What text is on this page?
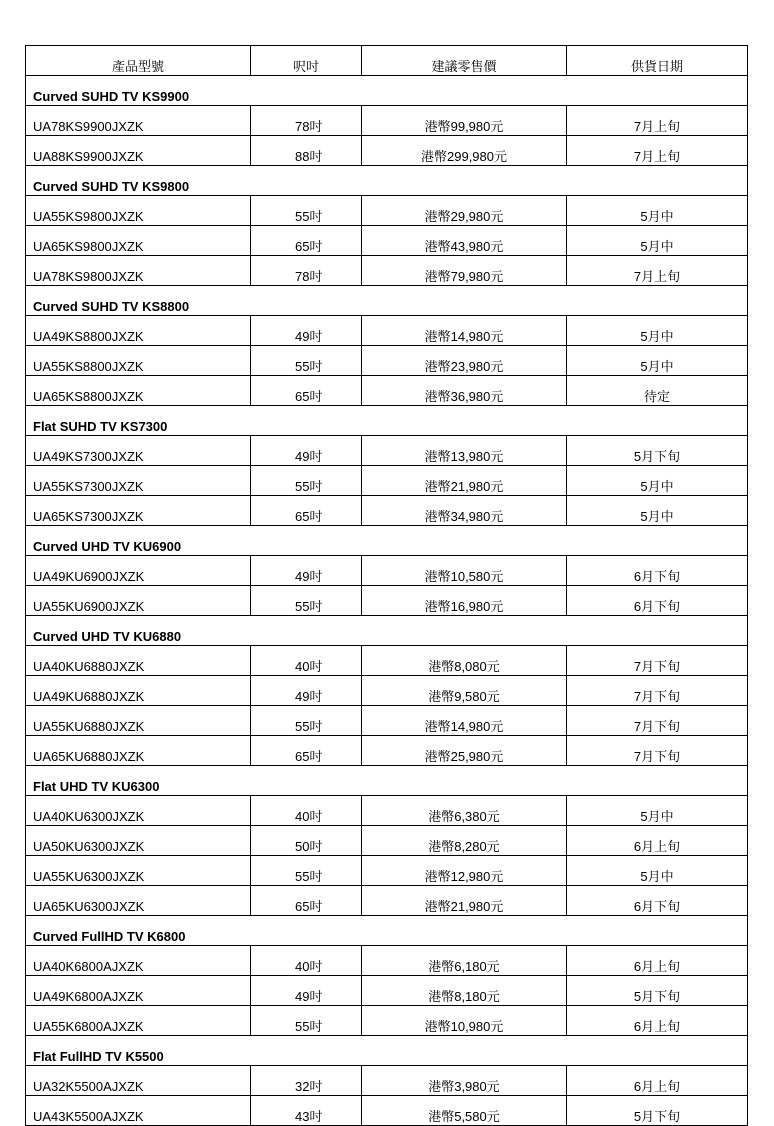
產品型號	呎吋	建議零售價	供貨日期
Curved SUHD TV KS9900			
UA78KS9900JXZK	78吋	港幣99,980元	7月上旬
UA88KS9900JXZK	88吋	港幣299,980元	7月上旬
Curved SUHD TV KS9800			
UA55KS9800JXZK	55吋	港幣29,980元	5月中
UA65KS9800JXZK	65吋	港幣43,980元	5月中
UA78KS9800JXZK	78吋	港幣79,980元	7月上旬
Curved SUHD TV KS8800			
UA49KS8800JXZK	49吋	港幣14,980元	5月中
UA55KS8800JXZK	55吋	港幣23,980元	5月中
UA65KS8800JXZK	65吋	港幣36,980元	待定
Flat SUHD TV KS7300			
UA49KS7300JXZK	49吋	港幣13,980元	5月下旬
UA55KS7300JXZK	55吋	港幣21,980元	5月中
UA65KS7300JXZK	65吋	港幣34,980元	5月中
Curved UHD TV KU6900			
UA49KU6900JXZK	49吋	港幣10,580元	6月下旬
UA55KU6900JXZK	55吋	港幣16,980元	6月下旬
Curved UHD TV KU6880			
UA40KU6880JXZK	40吋	港幣8,080元	7月下旬
UA49KU6880JXZK	49吋	港幣9,580元	7月下旬
UA55KU6880JXZK	55吋	港幣14,980元	7月下旬
UA65KU6880JXZK	65吋	港幣25,980元	7月下旬
Flat UHD TV KU6300			
UA40KU6300JXZK	40吋	港幣6,380元	5月中
UA50KU6300JXZK	50吋	港幣8,280元	6月上旬
UA55KU6300JXZK	55吋	港幣12,980元	5月中
UA65KU6300JXZK	65吋	港幣21,980元	6月下旬
Curved FullHD TV K6800			
UA40K6800AJXZK	40吋	港幣6,180元	6月上旬
UA49K6800AJXZK	49吋	港幣8,180元	5月下旬
UA55K6800AJXZK	55吋	港幣10,980元	6月上旬
Flat FullHD TV K5500			
UA32K5500AJXZK	32吋	港幣3,980元	6月上旬
UA43K5500AJXZK	43吋	港幣5,580元	5月下旬
